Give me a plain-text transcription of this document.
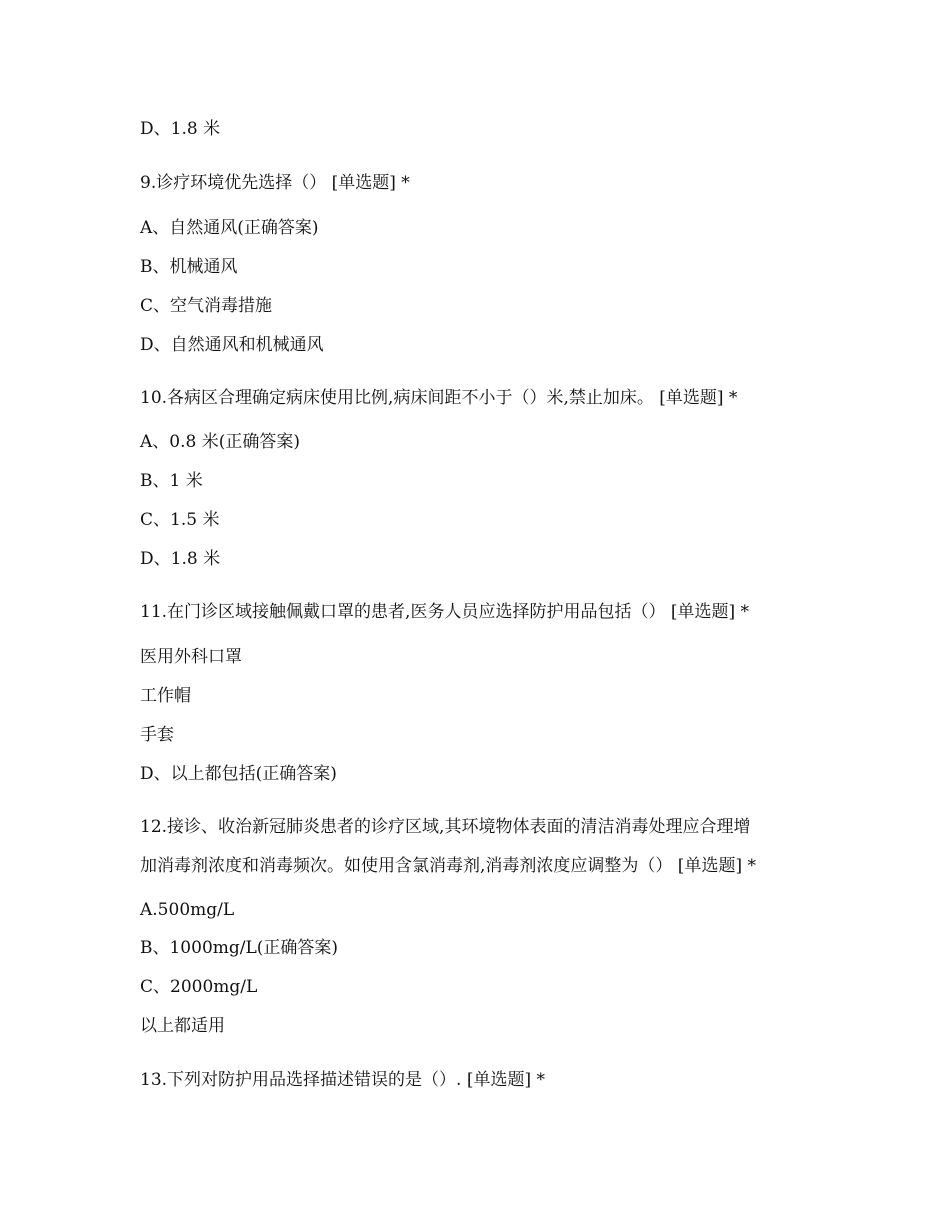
D、1.8 米
9.诊疗环境优先选择（） [单选题] *
A、自然通风(正确答案)
B、机械通风
C、空气消毒措施
D、自然通风和机械通风
10.各病区合理确定病床使用比例,病床间距不小于（）米,禁止加床。 [单选题] *
A、0.8 米(正确答案)
B、1 米
C、1.5 米
D、1.8 米
11.在门诊区域接触佩戴口罩的患者,医务人员应选择防护用品包括（） [单选题] *
医用外科口罩
工作帽
手套
D、以上都包括(正确答案)
12.接诊、收治新冠肺炎患者的诊疗区域,其环境物体表面的清洁消毒处理应合理增
加消毒剂浓度和消毒频次。如使用含氯消毒剂,消毒剂浓度应调整为（） [单选题] *
A.500mg/L
B、1000mg/L(正确答案)
C、2000mg/L
以上都适用
13.下列对防护用品选择描述错误的是（）. [单选题] *
